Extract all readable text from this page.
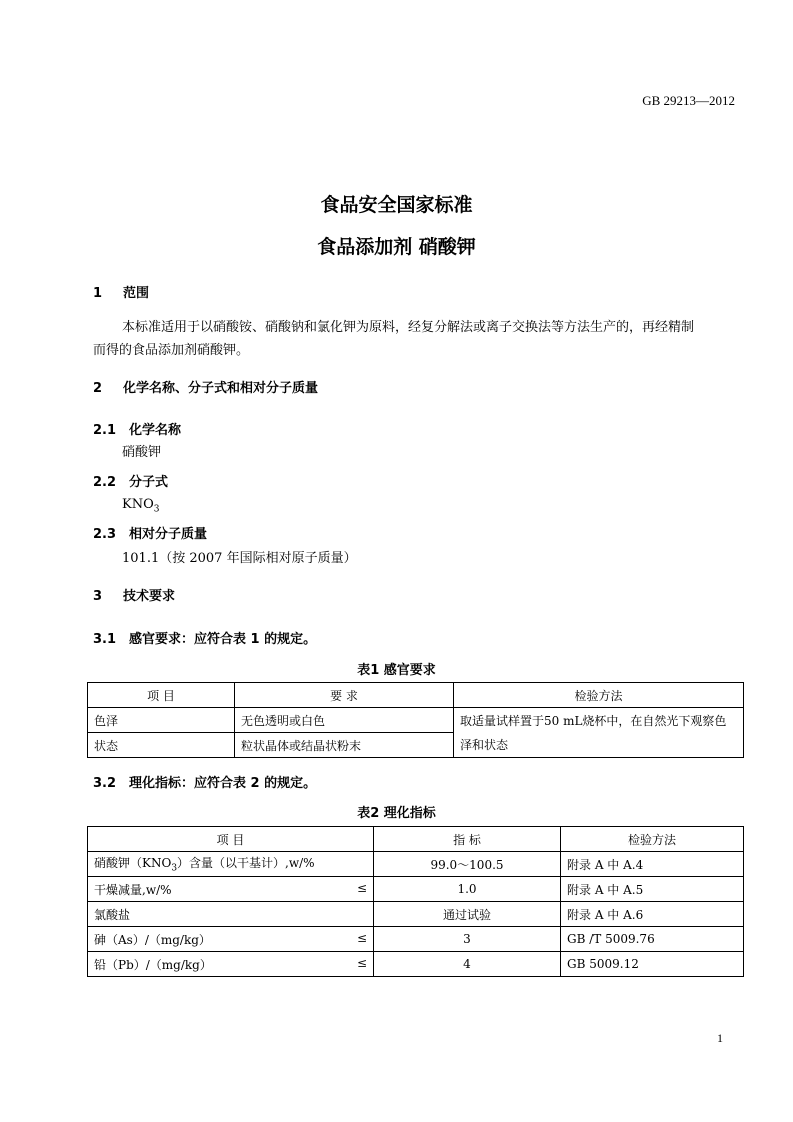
GB 29213—2012
食品安全国家标准
食品添加剂 硝酸钾
1 范围
本标准适用于以硝酸铵、硝酸钠和氯化钾为原料，经复分解法或离子交换法等方法生产的，再经精制
而得的食品添加剂硝酸钾。
2 化学名称、分子式和相对分子质量
2.1 化学名称
硝酸钾
2.2 分子式
$KNO_3$
2.3 相对分子质量
101.1（按 2007 年国际相对原子质量）
3 技术要求
3.1 感官要求：应符合表 1 的规定。
表1 感官要求
项 目	要 求	检验方法
色泽	无色透明或白色	取适量试样置于50 mL烧杯中，在自然光下观察色泽和状态
状态	粒状晶体或结晶状粉末	
3.2 理化指标：应符合表 2 的规定。
表2 理化指标
项 目	指 标	检验方法

硝酸钾$(KNO_3)$含量（以干基计）,w/%	99.0～100.5	附录 A 中 A.4

干燥减量,w/% ≤	1.0	附录 A 中 A.5

氯酸盐	通过试验	附录 A 中 A.6

砷（As）/（mg/kg） ≤	3	GB /T 5009.76

铅（Pb）/（mg/kg） ≤	4	GB 5009.12
1
